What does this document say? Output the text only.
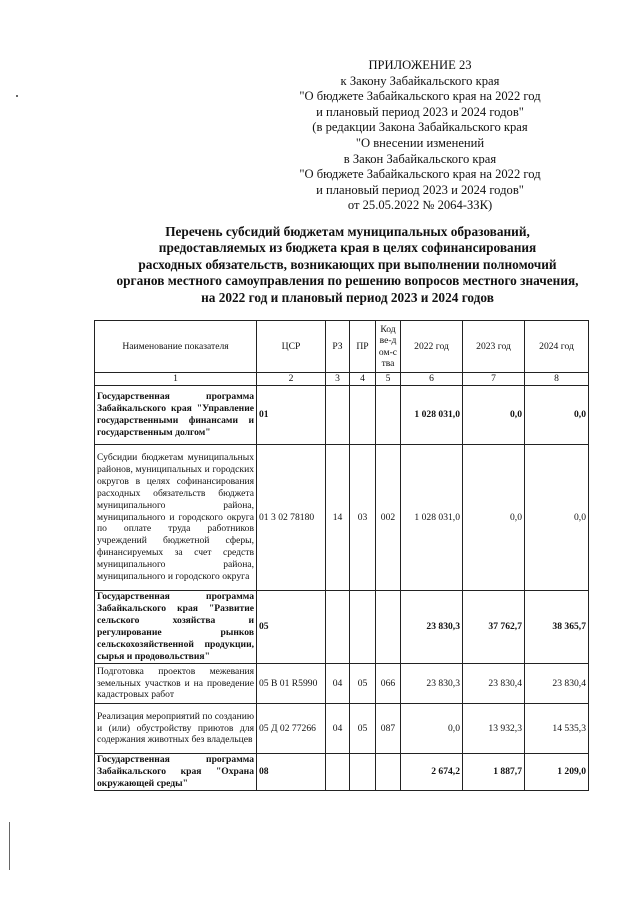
ПРИЛОЖЕНИЕ 23
к Закону Забайкальского края
"О бюджете Забайкальского края на 2022 год
и плановый период 2023 и 2024 годов"
(в редакции Закона Забайкальского края
"О внесении изменений
в Закон Забайкальского края
"О бюджете Забайкальского края на 2022 год
и плановый период 2023 и 2024 годов"
от 25.05.2022 № 2064-ЗЗК)
Перечень субсидий бюджетам муниципальных образований,
предоставляемых из бюджета края в целях софинансирования
расходных обязательств, возникающих при выполнении полномочий
органов местного самоуправления по решению вопросов местного значения,
на 2022 год и плановый период 2023 и 2024 годов
Наименование показателя	ЦСР	РЗ	ПР	Код ве-дом-ства	2022 год	2023 год	2024 год
1	2	3	4	5	6	7	8
Государственная программа Забайкальского края "Управление государственными финансами и государственным долгом"	01				1 028 031,0	0,0	0,0
Субсидии бюджетам муниципальных районов, муниципальных и городских округов в целях софинансирования расходных обязательств бюджета муниципального района, муниципального и городского округа по оплате труда работников учреждений бюджетной сферы, финансируемых за счет средств муниципального района, муниципального и городского округа	01 3 02 78180	14	03	002	1 028 031,0	0,0	0,0
Государственная программа Забайкальского края "Развитие сельского хозяйства и регулирование рынков сельскохозяйственной продукции, сырья и продовольствия"	05				23 830,3	37 762,7	38 365,7
Подготовка проектов межевания земельных участков и на проведение кадастровых работ	05 В 01 R5990	04	05	066	23 830,3	23 830,4	23 830,4
Реализация мероприятий по созданию и (или) обустройству приютов для содержания животных без владельцев	05 Д 02 77266	04	05	087	0,0	13 932,3	14 535,3
Государственная программа Забайкальского края "Охрана окружающей среды"	08				2 674,2	1 887,7	1 209,0
